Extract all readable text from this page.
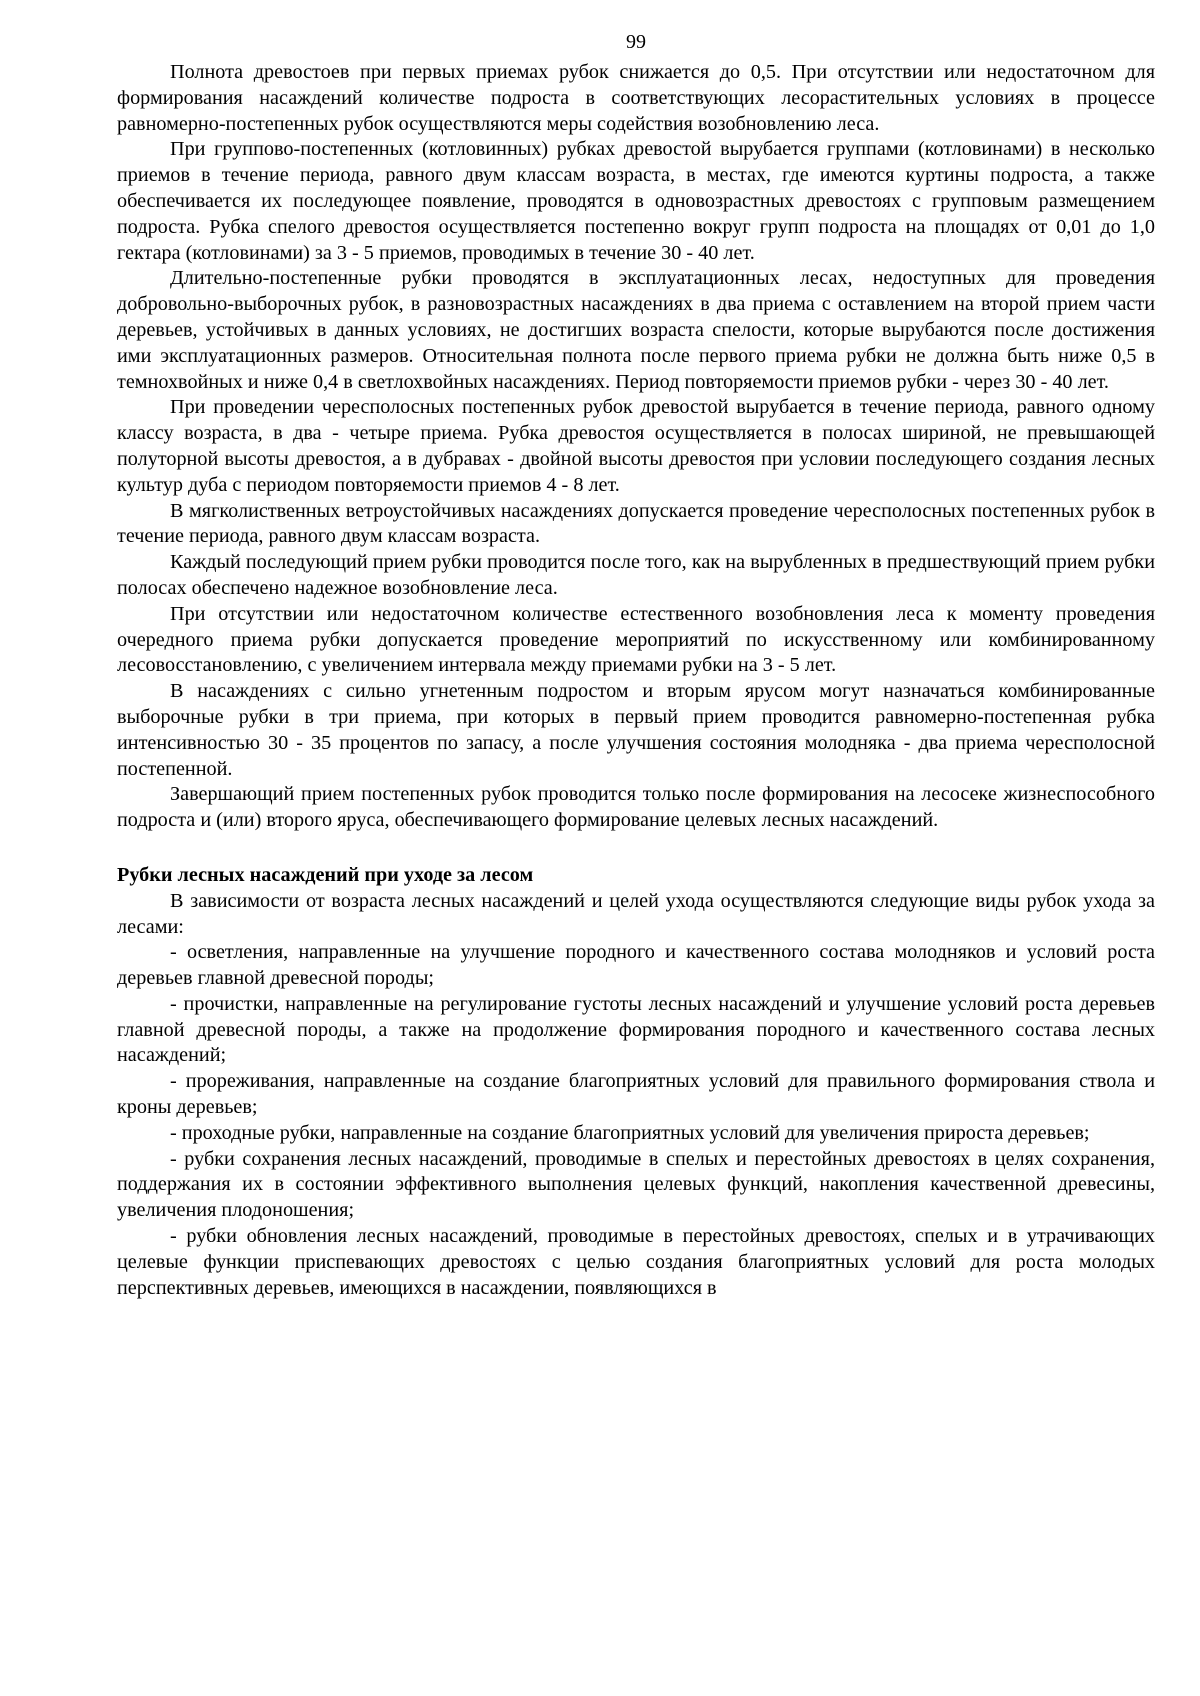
99

Полнота древостоев при первых приемах рубок снижается до 0,5. При отсутствии или недостаточном для формирования насаждений количестве подроста в соответствующих лесорастительных условиях в процессе равномерно-постепенных рубок осуществляются меры содействия возобновлению леса.

При группово-постепенных (котловинных) рубках древостой вырубается группами (котловинами) в несколько приемов в течение периода, равного двум классам возраста, в местах, где имеются куртины подроста, а также обеспечивается их последующее появление, проводятся в одновозрастных древостоях с групповым размещением подроста. Рубка спелого древостоя осуществляется постепенно вокруг групп подроста на площадях от 0,01 до 1,0 гектара (котловинами) за 3 - 5 приемов, проводимых в течение 30 - 40 лет.

Длительно-постепенные рубки проводятся в эксплуатационных лесах, недоступных для проведения добровольно-выборочных рубок, в разновозрастных насаждениях в два приема с оставлением на второй прием части деревьев, устойчивых в данных условиях, не достигших возраста спелости, которые вырубаются после достижения ими эксплуатационных размеров. Относительная полнота после первого приема рубки не должна быть ниже 0,5 в темнохвойных и ниже 0,4 в светлохвойных насаждениях. Период повторяемости приемов рубки - через 30 - 40 лет.

При проведении чересполосных постепенных рубок древостой вырубается в течение периода, равного одному классу возраста, в два - четыре приема. Рубка древостоя осуществляется в полосах шириной, не превышающей полуторной высоты древостоя, а в дубравах - двойной высоты древостоя при условии последующего создания лесных культур дуба с периодом повторяемости приемов 4 - 8 лет.

В мягколиственных ветроустойчивых насаждениях допускается проведение чересполосных постепенных рубок в течение периода, равного двум классам возраста.

Каждый последующий прием рубки проводится после того, как на вырубленных в предшествующий прием рубки полосах обеспечено надежное возобновление леса.

При отсутствии или недостаточном количестве естественного возобновления леса к моменту проведения очередного приема рубки допускается проведение мероприятий по искусственному или комбинированному лесовосстановлению, с увеличением интервала между приемами рубки на 3 - 5 лет.

В насаждениях с сильно угнетенным подростом и вторым ярусом могут назначаться комбинированные выборочные рубки в три приема, при которых в первый прием проводится равномерно-постепенная рубка интенсивностью 30 - 35 процентов по запасу, а после улучшения состояния молодняка - два приема чересполосной постепенной.

Завершающий прием постепенных рубок проводится только после формирования на лесосеке жизнеспособного подроста и (или) второго яруса, обеспечивающего формирование целевых лесных насаждений.

Рубки лесных насаждений при уходе за лесом

В зависимости от возраста лесных насаждений и целей ухода осуществляются следующие виды рубок ухода за лесами:

- осветления, направленные на улучшение породного и качественного состава молодняков и условий роста деревьев главной древесной породы;

- прочистки, направленные на регулирование густоты лесных насаждений и улучшение условий роста деревьев главной древесной породы, а также на продолжение формирования породного и качественного состава лесных насаждений;

- прореживания, направленные на создание благоприятных условий для правильного формирования ствола и кроны деревьев;

- проходные рубки, направленные на создание благоприятных условий для увеличения прироста деревьев;

- рубки сохранения лесных насаждений, проводимые в спелых и перестойных древостоях в целях сохранения, поддержания их в состоянии эффективного выполнения целевых функций, накопления качественной древесины, увеличения плодоношения;

- рубки обновления лесных насаждений, проводимые в перестойных древостоях, спелых и в утрачивающих целевые функции приспевающих древостоях с целью создания благоприятных условий для роста молодых перспективных деревьев, имеющихся в насаждении, появляющихся в
